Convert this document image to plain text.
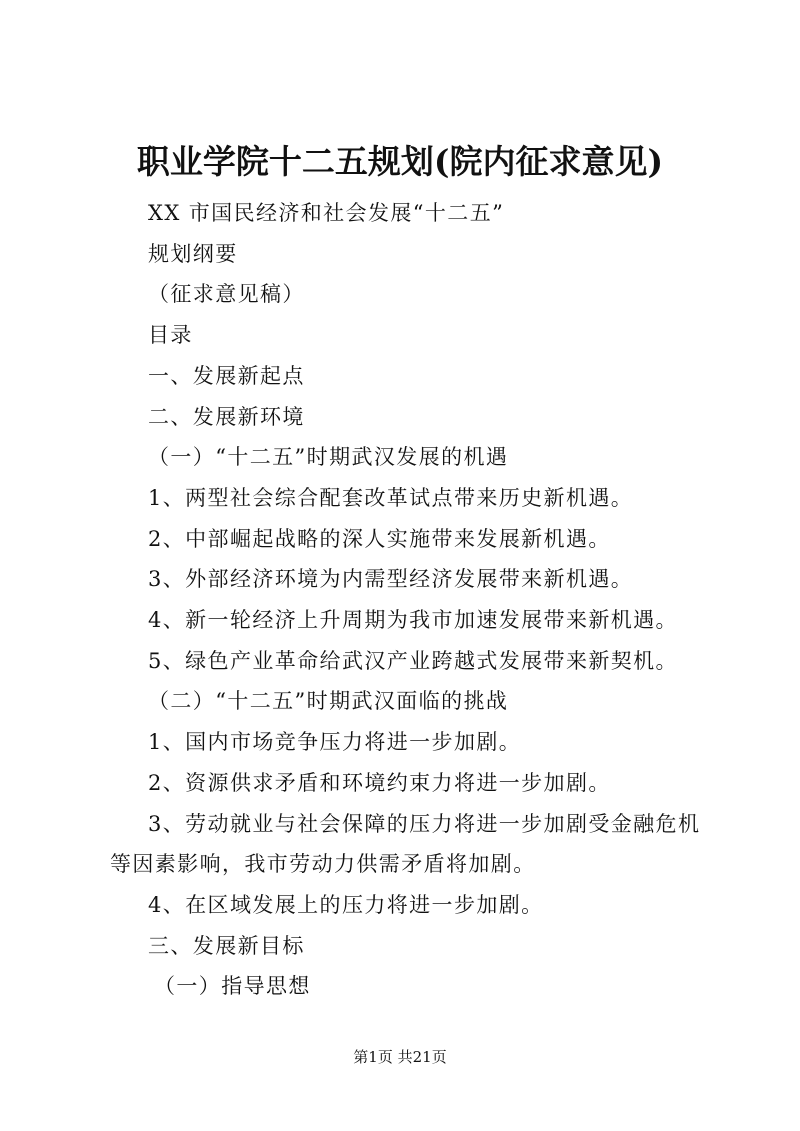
职业学院十二五规划(院内征求意见)
XX 市国民经济和社会发展“十二五”
规划纲要
（征求意见稿）
目录
一、发展新起点
二、发展新环境
（一）“十二五”时期武汉发展的机遇
1、两型社会综合配套改革试点带来历史新机遇。
2、中部崛起战略的深人实施带来发展新机遇。
3、外部经济环境为内需型经济发展带来新机遇。
4、新一轮经济上升周期为我市加速发展带来新机遇。
5、绿色产业革命给武汉产业跨越式发展带来新契机。
（二）“十二五”时期武汉面临的挑战
1、国内市场竞争压力将进一步加剧。
2、资源供求矛盾和环境约束力将进一步加剧。
3、劳动就业与社会保障的压力将进一步加剧受金融危机等因素影响，我市劳动力供需矛盾将加剧。
4、在区域发展上的压力将进一步加剧。
三、发展新目标
（一）指导思想
第1页 共21页
